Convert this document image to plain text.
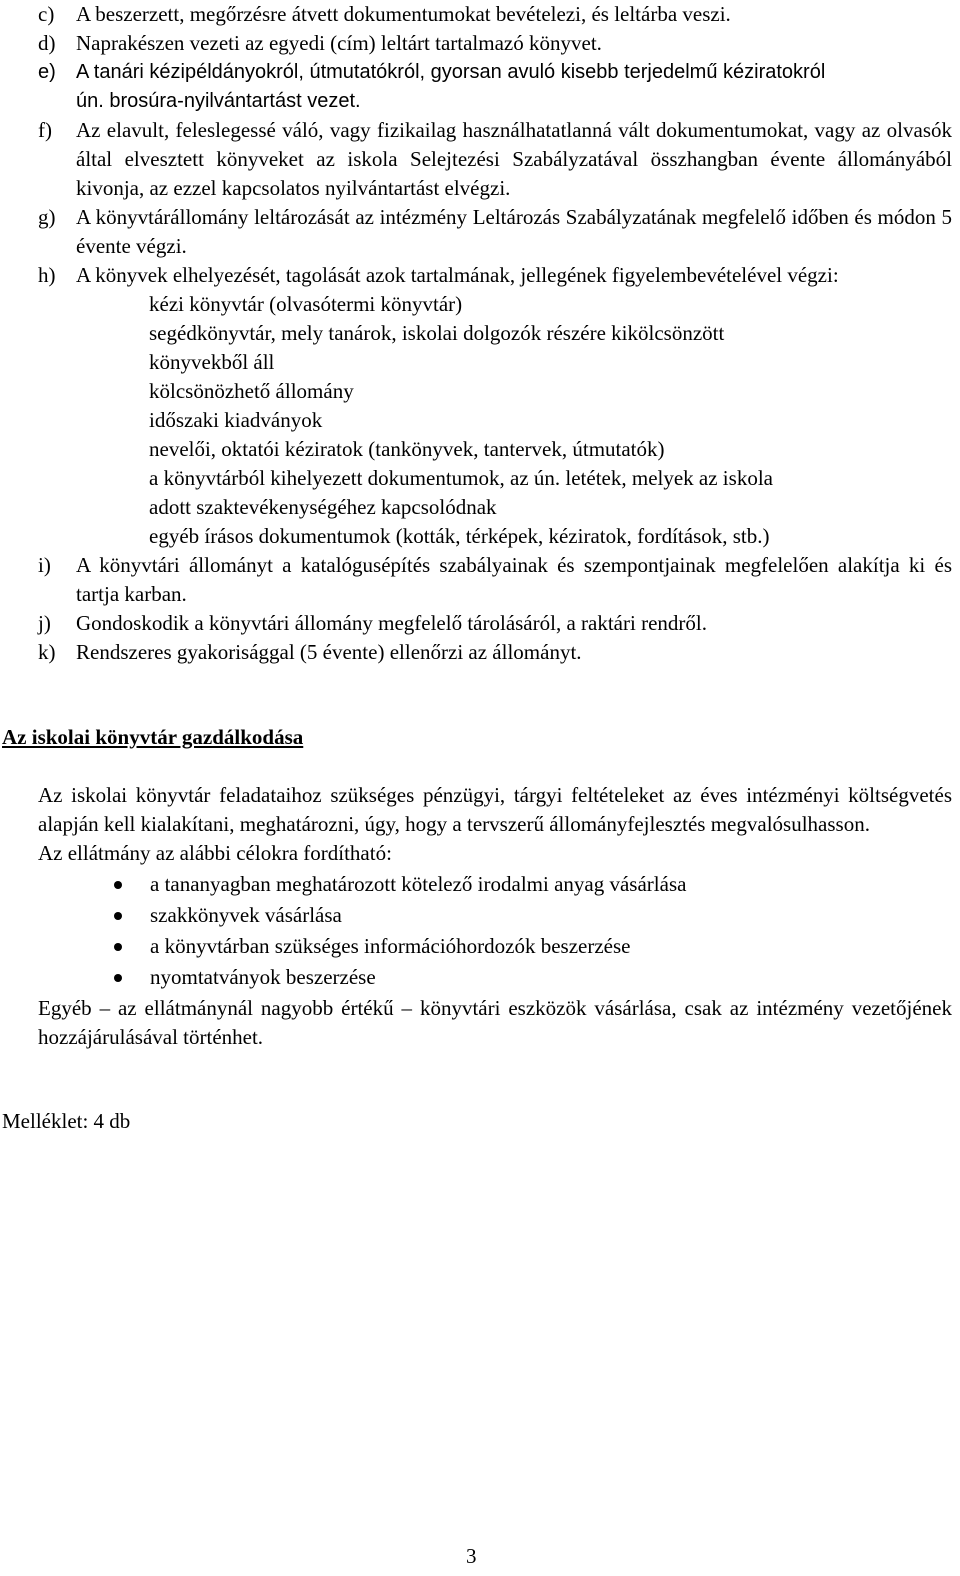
c) A beszerzett, megőrzésre átvett dokumentumokat bevételezi, és leltárba veszi.
d) Naprakészen vezeti az egyedi (cím) leltárt tartalmazó könyvet.
e) A tanári kézipéldányokról, útmutatókról, gyorsan avuló kisebb terjedelmű kéziratokról
ún. brosúra-nyilvántartást vezet.
f) Az elavult, feleslegessé váló, vagy fizikailag használhatatlanná vált dokumentumokat, vagy az olvasók által elvesztett könyveket az iskola Selejtezési Szabályzatával összhangban évente állományából kivonja, az ezzel kapcsolatos nyilvántartást elvégzi.
g) A könyvtárállomány leltározását az intézmény Leltározás Szabályzatának megfelelő időben és módon 5 évente végzi.
h) A könyvek elhelyezését, tagolását azok tartalmának, jellegének figyelembevételével végzi:
kézi könyvtár (olvasótermi könyvtár)
segédkönyvtár, mely tanárok, iskolai dolgozók részére kikölcsönzött
könyvekből áll
kölcsönözhető állomány
időszaki kiadványok
nevelői, oktatói kéziratok (tankönyvek, tantervek, útmutatók)
a könyvtárból kihelyezett dokumentumok, az ún. letétek, melyek az iskola
adott szaktevékenységéhez kapcsolódnak
egyéb írásos dokumentumok (kották, térképek, kéziratok, fordítások, stb.)
i) A könyvtári állományt a katalógusépítés szabályainak és szempontjainak megfelelően alakítja ki és tartja karban.
j) Gondoskodik a könyvtári állomány megfelelő tárolásáról, a raktári rendről.
k) Rendszeres gyakorisággal (5 évente) ellenőrzi az állományt.
Az iskolai könyvtár gazdálkodása
Az iskolai könyvtár feladataihoz szükséges pénzügyi, tárgyi feltételeket az éves intézményi költségvetés alapján kell kialakítani, meghatározni, úgy, hogy a tervszerű állományfejlesztés megvalósulhasson.
Az ellátmány az alábbi célokra fordítható:
a tananyagban meghatározott kötelező irodalmi anyag vásárlása
szakkönyvek vásárlása
a könyvtárban szükséges információhordozók beszerzése
nyomtatványok beszerzése
Egyéb – az ellátmánynál nagyobb értékű – könyvtári eszközök vásárlása, csak az intézmény vezetőjének hozzájárulásával történhet.
Melléklet: 4 db
3
